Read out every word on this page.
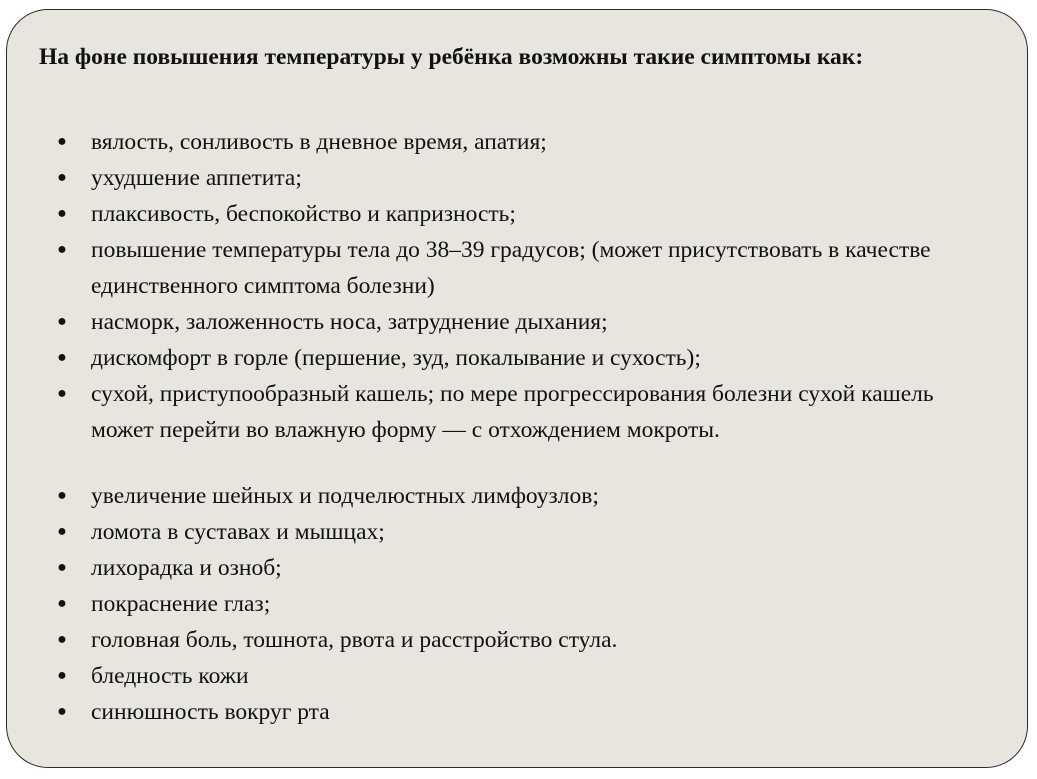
На фоне повышения температуры у ребёнка возможны такие симптомы как:

● вялость, сонливость в дневное время, апатия;
● ухудшение аппетита;
● плаксивость, беспокойство и капризность;
● повышение температуры тела до 38–39 градусов; (может присутствовать в качестве единственного симптома болезни)
● насморк, заложенность носа, затруднение дыхания;
● дискомфорт в горле (першение, зуд, покалывание и сухость);
● сухой, приступообразный кашель; по мере прогрессирования болезни сухой кашель может перейти во влажную форму — с отхождением мокроты.
● увеличение шейных и подчелюстных лимфоузлов;
● ломота в суставах и мышцах;
● лихорадка и озноб;
● покраснение глаз;
● головная боль, тошнота, рвота и расстройство стула.
● бледность кожи
● синюшность вокруг рта
